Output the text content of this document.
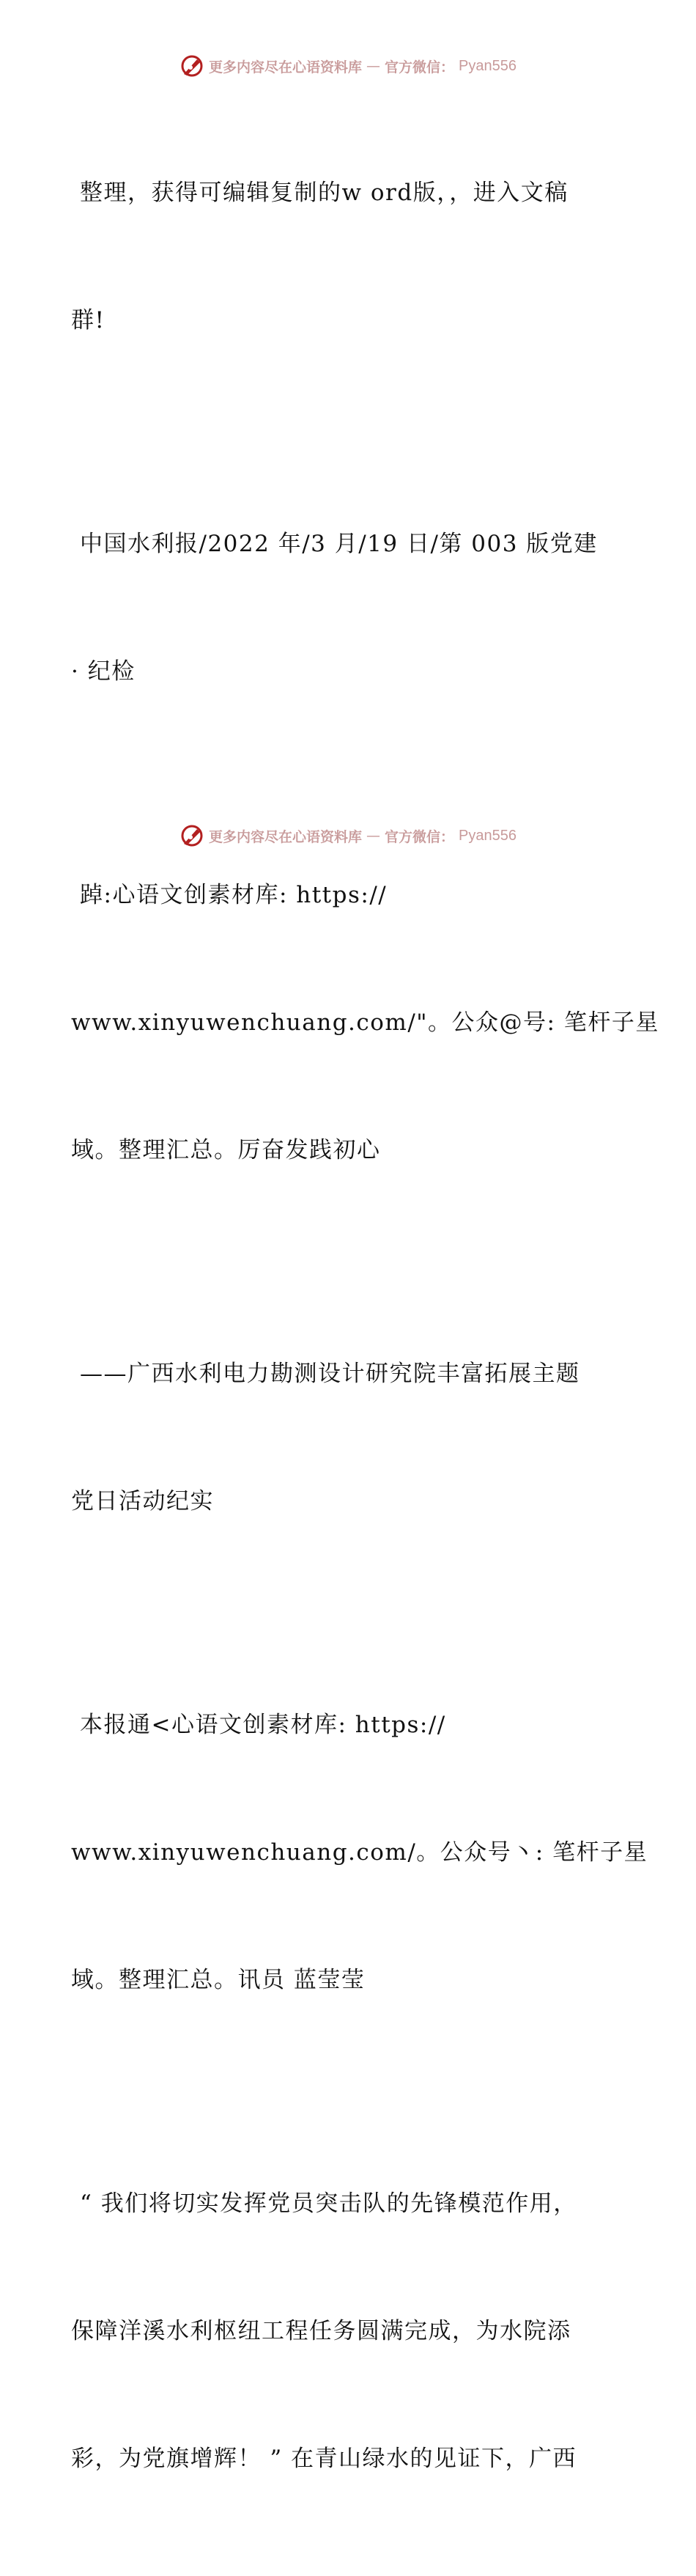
更多内容尽在心语资料库 — 官方微信： Pyan556

整理，获得可编辑复制的w ord版，，进入文稿

群!

中国水利报/2022 年/3 月/19 日/第 003 版党建

· 纪检

踔:心语文创素材库: https://

www.xinyuwenchuang.com/"。公众@号: 笔杆子星

域。整理汇总。厉奋发践初心

——广西水利电力勘测设计研究院丰富拓展主题

党日活动纪实

本报通<心语文创素材库: https://

www.xinyuwenchuang.com/。公众号丶: 笔杆子星

域。整理汇总。讯员 蓝莹莹

“ 我们将切实发挥党员突击队的先锋模范作用，

保障洋溪水利枢纽工程任务圆满完成，为水院添

彩，为党旗增辉！ ” 在青山绿水的见证下，广西

更多内容尽在心语资料库 — 官方微信： Pyan556
